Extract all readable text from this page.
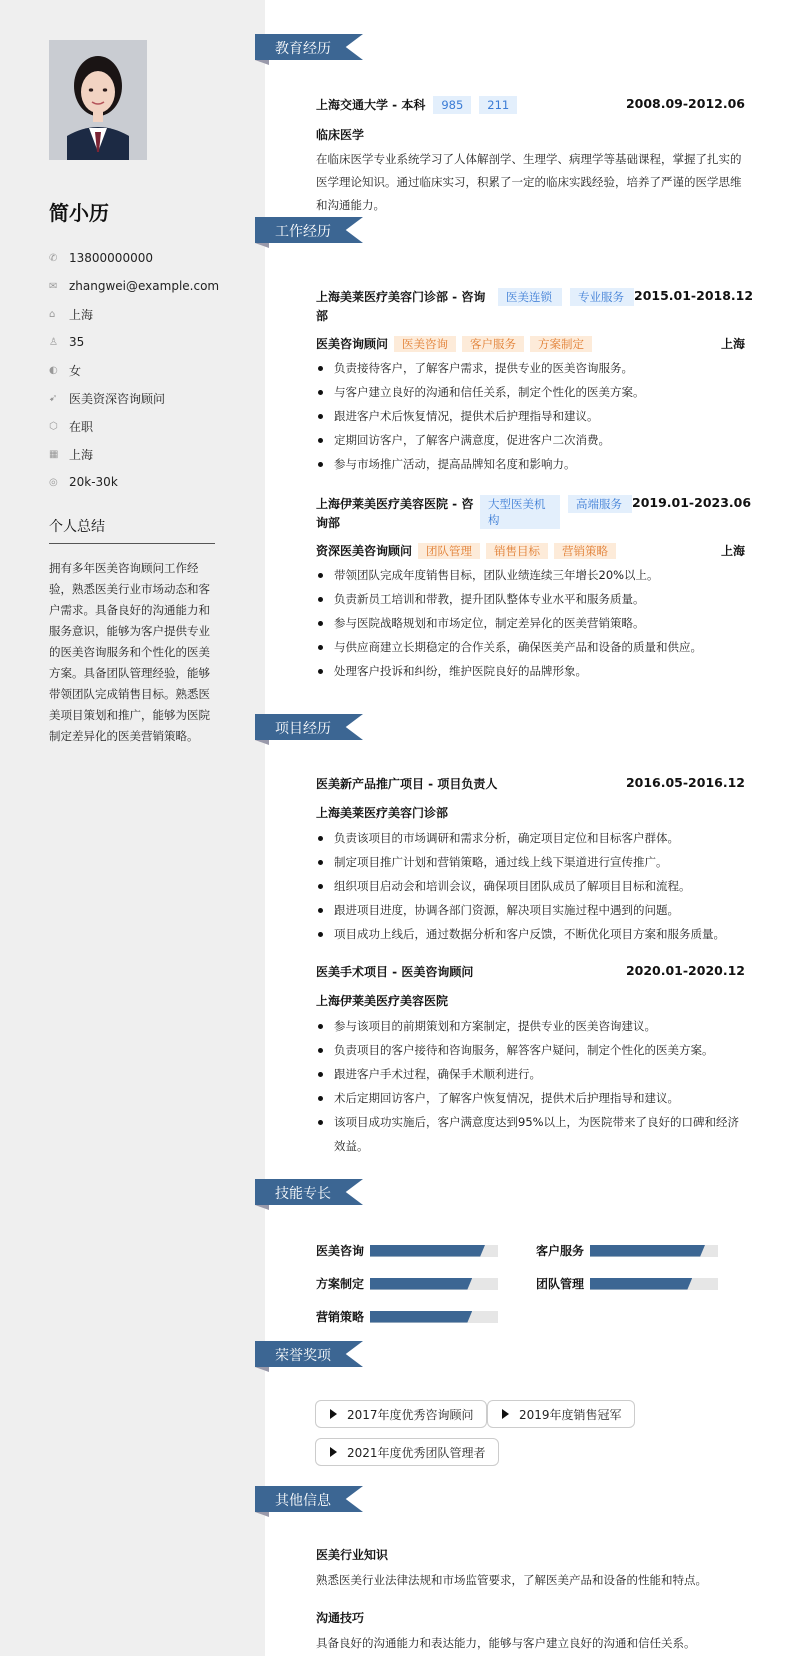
简小历
✆ 13800000000
✉ zhangwei@example.com
⌂	上海
♙ 35
◐ 女
➹ 医美资深咨询顾问
⬡ 在职
▦ 上海
◎ 20k-30k
个人总结
拥有多年医美咨询顾问工作经验，熟悉医美行业市场动态和客户需求。具备良好的沟通能力和服务意识，能够为客户提供专业的医美咨询服务和个性化的医美方案。具备团队管理经验，能够带领团队完成销售目标。熟悉医美项目策划和推广，能够为医院制定差异化的医美营销策略。
教育经历
工作经历
项目经历
技能专长
荣誉奖项
其他信息
上海交通大学 - 本科 985 211	2008.09-2012.06
临床医学
在临床医学专业系统学习了人体解剖学、生理学、病理学等基础课程，掌握了扎实的医学理论知识。通过临床实习，积累了一定的临床实践经验，培养了严谨的医学思维和沟通能力。
上海美莱医疗美容门诊部 - 咨询部
医美连锁	专业服务 2015.01-2018.12
医美咨询顾问 医美咨询 客户服务 方案制定	上海
负责接待客户，了解客户需求，提供专业的医美咨询服务。
与客户建立良好的沟通和信任关系，制定个性化的医美方案。
跟进客户术后恢复情况，提供术后护理指导和建议。
定期回访客户，了解客户满意度，促进客户二次消费。
参与市场推广活动，提高品牌知名度和影响力。
上海伊莱美医疗美容医院 - 咨询部
大型医美机构
高端服务 2019.01-2023.06
资深医美咨询顾问 团队管理 销售目标 营销策略	上海
带领团队完成年度销售目标，团队业绩连续三年增长20%以上。
负责新员工培训和带教，提升团队整体专业水平和服务质量。
参与医院战略规划和市场定位，制定差异化的医美营销策略。
与供应商建立长期稳定的合作关系，确保医美产品和设备的质量和供应。
处理客户投诉和纠纷，维护医院良好的品牌形象。
医美新产品推广项目 - 项目负责人	2016.05-2016.12
上海美莱医疗美容门诊部
负责该项目的市场调研和需求分析，确定项目定位和目标客户群体。
制定项目推广计划和营销策略，通过线上线下渠道进行宣传推广。
组织项目启动会和培训会议，确保项目团队成员了解项目目标和流程。
跟进项目进度，协调各部门资源，解决项目实施过程中遇到的问题。
项目成功上线后，通过数据分析和客户反馈，不断优化项目方案和服务质量。
医美手术项目 - 医美咨询顾问	2020.01-2020.12
上海伊莱美医疗美容医院
参与该项目的前期策划和方案制定，提供专业的医美咨询建议。
负责项目的客户接待和咨询服务，解答客户疑问，制定个性化的医美方案。
跟进客户手术过程，确保手术顺利进行。
术后定期回访客户，了解客户恢复情况，提供术后护理指导和建议。
该项目成功实施后，客户满意度达到95%以上，为医院带来了良好的口碑和经济效益。
医美咨询	客户服务
方案制定	团队管理
营销策略
2017年度优秀咨询顾问	2019年度销售冠军
2021年度优秀团队管理者
医美行业知识
熟悉医美行业法律法规和市场监管要求，了解医美产品和设备的性能和特点。
沟通技巧
具备良好的沟通能力和表达能力，能够与客户建立良好的沟通和信任关系。
